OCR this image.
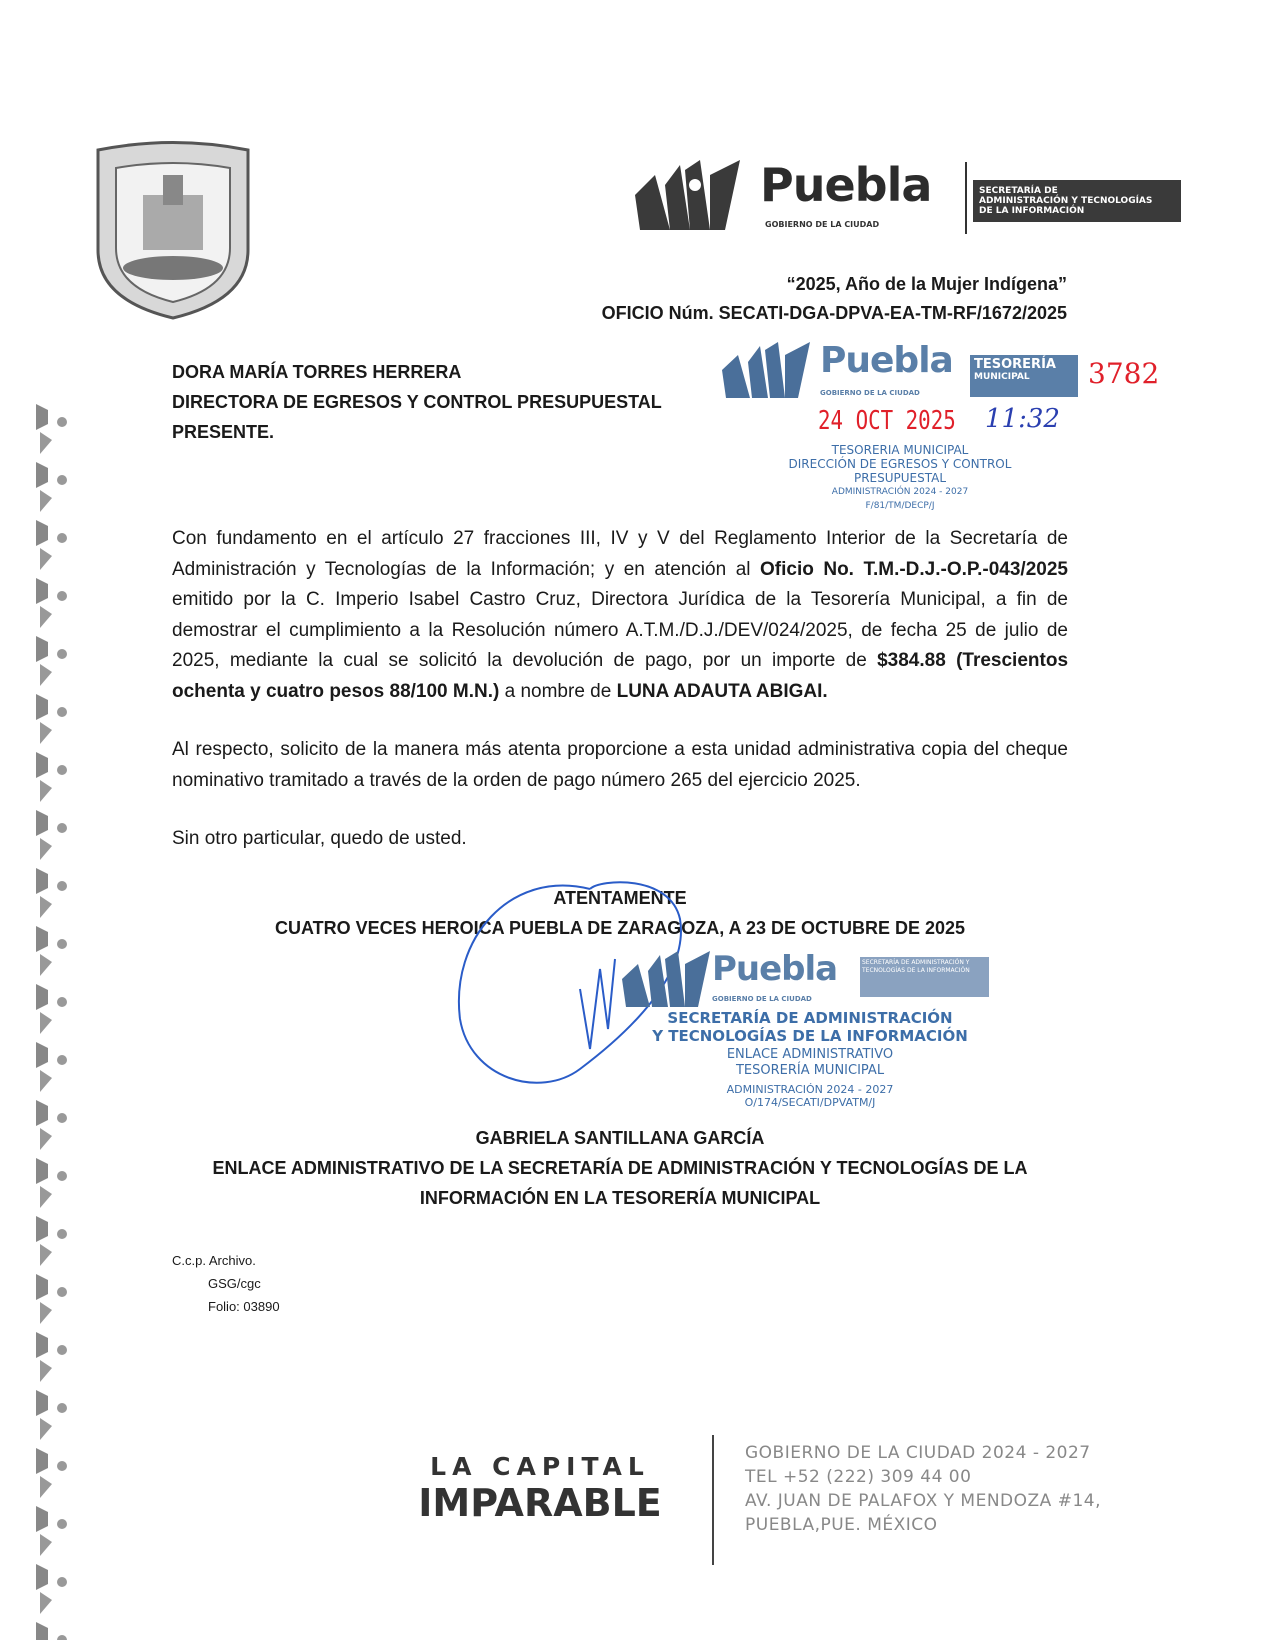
Puebla
GOBIERNO DE LA CIUDAD
SECRETARÍA DE
ADMINISTRACIÓN Y TECNOLOGÍAS
DE LA INFORMACIÓN
“2025, Año de la Mujer Indígena”
OFICIO Núm. SECATI-DGA-DPVA-EA-TM-RF/1672/2025
DORA MARÍA TORRES HERRERA
DIRECTORA DE EGRESOS Y CONTROL PRESUPUESTAL
PRESENTE.
Puebla
GOBIERNO DE LA CIUDAD
TESORERÍA
MUNICIPAL	3782
24 OCT 2025 11:32
TESORERIA MUNICIPAL
DIRECCIÓN DE EGRESOS Y CONTROL
PRESUPUESTAL
ADMINISTRACIÓN 2024 - 2027
F/81/TM/DECP/J
Con fundamento en el artículo 27 fracciones III, IV y V del Reglamento Interior de la Secretaría de Administración y Tecnologías de la Información; y en atención al Oficio No. T.M.-D.J.-O.P.-043/2025 emitido por la C. Imperio Isabel Castro Cruz, Directora Jurídica de la Tesorería Municipal, a fin de demostrar el cumplimiento a la Resolución número A.T.M./D.J./DEV/024/2025, de fecha 25 de julio de 2025, mediante la cual se solicitó la devolución de pago, por un importe de $384.88 (Trescientos ochenta y cuatro pesos 88/100 M.N.) a nombre de LUNA ADAUTA ABIGAI.
Al respecto, solicito de la manera más atenta proporcione a esta unidad administrativa copia del cheque nominativo tramitado a través de la orden de pago número 265 del ejercicio 2025.
Sin otro particular, quedo de usted.
ATENTAMENTE
CUATRO VECES HEROICA PUEBLA DE ZARAGOZA, A 23 DE OCTUBRE DE 2025
Puebla
GOBIERNO DE LA CIUDAD
SECRETARÍA DE ADMINISTRACIÓN Y TECNOLOGÍAS DE LA INFORMACIÓN
SECRETARÍA DE ADMINISTRACIÓN
Y TECNOLOGÍAS DE LA INFORMACIÓN
ENLACE ADMINISTRATIVO
TESORERÍA MUNICIPAL
ADMINISTRACIÓN 2024 - 2027
O/174/SECATI/DPVATM/J
GABRIELA SANTILLANA GARCÍA
ENLACE ADMINISTRATIVO DE LA SECRETARÍA DE ADMINISTRACIÓN Y TECNOLOGÍAS DE LA
INFORMACIÓN EN LA TESORERÍA MUNICIPAL
C.c.p. Archivo.
GSG/cgc
Folio: 03890
LA CAPITAL
IMPARABLE
GOBIERNO DE LA CIUDAD 2024 - 2027
TEL +52 (222) 309 44 00
AV. JUAN DE PALAFOX Y MENDOZA #14,
PUEBLA,PUE. MÉXICO
